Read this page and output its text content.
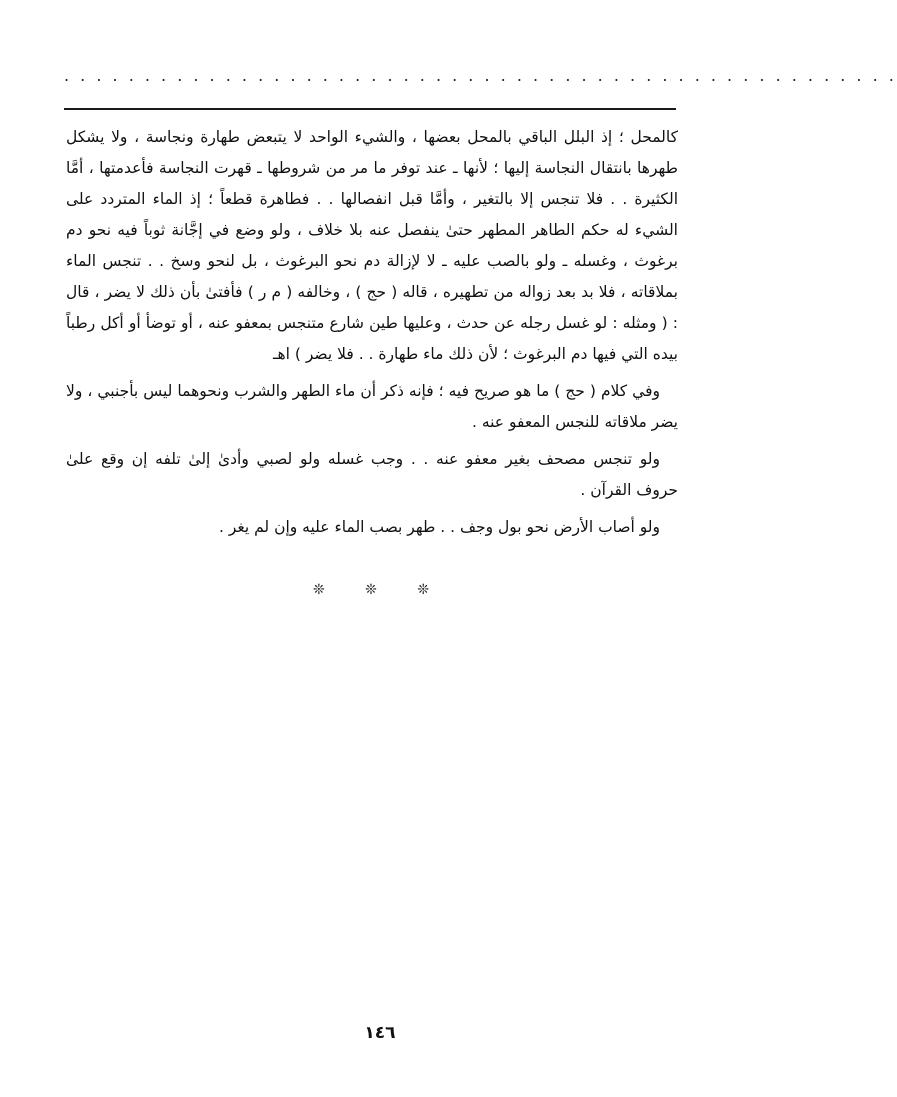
. . . . . . . . . . . . . . . . . . . . . . . . . . . . . . . . . . . . . . . . . . . . . . . . . . . .

كالمحل ؛ إذ البلل الباقي بالمحل بعضها ، والشيء الواحد لا يتبعض طهارة ونجاسة ، ولا يشكل طهرها بانتقال النجاسة إليها ؛ لأنها ـ عند توفر ما مر من شروطها ـ قهرت النجاسة فأعدمتها ، أمَّا الكثيرة . . فلا تنجس إلا بالتغير ، وأمَّا قبل انفصالها . . فطاهرة قطعاً ؛ إذ الماء المتردد على الشيء له حكم الطاهر المطهر حتىٰ ينفصل عنه بلا خلاف ، ولو وضع في إجَّانة ثوباً فيه نحو دم برغوث ، وغسله ـ ولو بالصب عليه ـ لا لإزالة دم نحو البرغوث ، بل لنحو وسخ . . تنجس الماء بملاقاته ، فلا بد بعد زواله من تطهيره ، قاله ( حج ) ، وخالفه ( م ر ) فأفتىٰ بأن ذلك لا يضر ، قال : ( ومثله : لو غسل رجله عن حدث ، وعليها طين شارع متنجس بمعفو عنه ، أو توضأ أو أكل رطباً بيده التي فيها دم البرغوث ؛ لأن ذلك ماء طهارة . . فلا يضر ) اهـ

وفي كلام ( حج ) ما هو صريح فيه ؛ فإنه ذكر أن ماء الطهر والشرب ونحوهما ليس بأجنبي ، ولا يضر ملاقاته للنجس المعفو عنه .

ولو تنجس مصحف بغير معفو عنه . . وجب غسله ولو لصبي وأدىٰ إلىٰ تلفه إن وقع علىٰ حروف القرآن .

ولو أصاب الأرض نحو بول وجف . . طهر بصب الماء عليه وإن لم يغر .

❊ ❊ ❊
١٤٦
